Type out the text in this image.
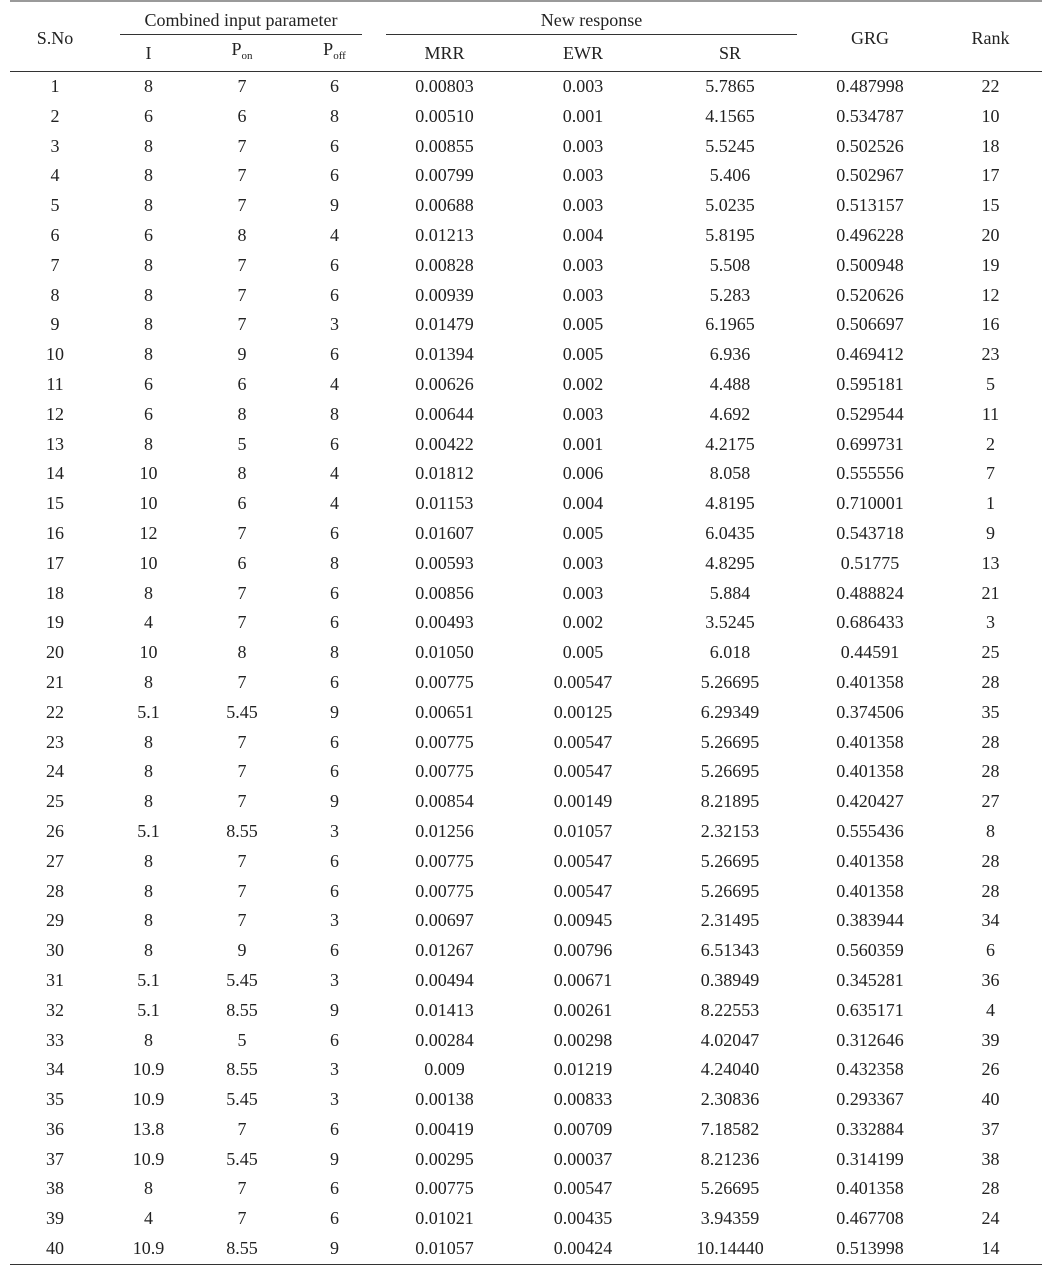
S.No	Combined input parameter			New response			GRG	Rank
	I	$P_{on}$	$P_{off}$	MRR	EWR	SR		
1	8	7	6	0.00803	0.003	5.7865	0.487998	22
2	6	6	8	0.00510	0.001	4.1565	0.534787	10
3	8	7	6	0.00855	0.003	5.5245	0.502526	18
4	8	7	6	0.00799	0.003	5.406	0.502967	17
5	8	7	9	0.00688	0.003	5.0235	0.513157	15
6	6	8	4	0.01213	0.004	5.8195	0.496228	20
7	8	7	6	0.00828	0.003	5.508	0.500948	19
8	8	7	6	0.00939	0.003	5.283	0.520626	12
9	8	7	3	0.01479	0.005	6.1965	0.506697	16
10	8	9	6	0.01394	0.005	6.936	0.469412	23
11	6	6	4	0.00626	0.002	4.488	0.595181	5
12	6	8	8	0.00644	0.003	4.692	0.529544	11
13	8	5	6	0.00422	0.001	4.2175	0.699731	2
14	10	8	4	0.01812	0.006	8.058	0.555556	7
15	10	6	4	0.01153	0.004	4.8195	0.710001	1
16	12	7	6	0.01607	0.005	6.0435	0.543718	9
17	10	6	8	0.00593	0.003	4.8295	0.51775	13
18	8	7	6	0.00856	0.003	5.884	0.488824	21
19	4	7	6	0.00493	0.002	3.5245	0.686433	3
20	10	8	8	0.01050	0.005	6.018	0.44591	25
21	8	7	6	0.00775	0.00547	5.26695	0.401358	28
22	5.1	5.45	9	0.00651	0.00125	6.29349	0.374506	35
23	8	7	6	0.00775	0.00547	5.26695	0.401358	28
24	8	7	6	0.00775	0.00547	5.26695	0.401358	28
25	8	7	9	0.00854	0.00149	8.21895	0.420427	27
26	5.1	8.55	3	0.01256	0.01057	2.32153	0.555436	8
27	8	7	6	0.00775	0.00547	5.26695	0.401358	28
28	8	7	6	0.00775	0.00547	5.26695	0.401358	28
29	8	7	3	0.00697	0.00945	2.31495	0.383944	34
30	8	9	6	0.01267	0.00796	6.51343	0.560359	6
31	5.1	5.45	3	0.00494	0.00671	0.38949	0.345281	36
32	5.1	8.55	9	0.01413	0.00261	8.22553	0.635171	4
33	8	5	6	0.00284	0.00298	4.02047	0.312646	39
34	10.9	8.55	3	0.009	0.01219	4.24040	0.432358	26
35	10.9	5.45	3	0.00138	0.00833	2.30836	0.293367	40
36	13.8	7	6	0.00419	0.00709	7.18582	0.332884	37
37	10.9	5.45	9	0.00295	0.00037	8.21236	0.314199	38
38	8	7	6	0.00775	0.00547	5.26695	0.401358	28
39	4	7	6	0.01021	0.00435	3.94359	0.467708	24
40	10.9	8.55	9	0.01057	0.00424	10.14440	0.513998	14
